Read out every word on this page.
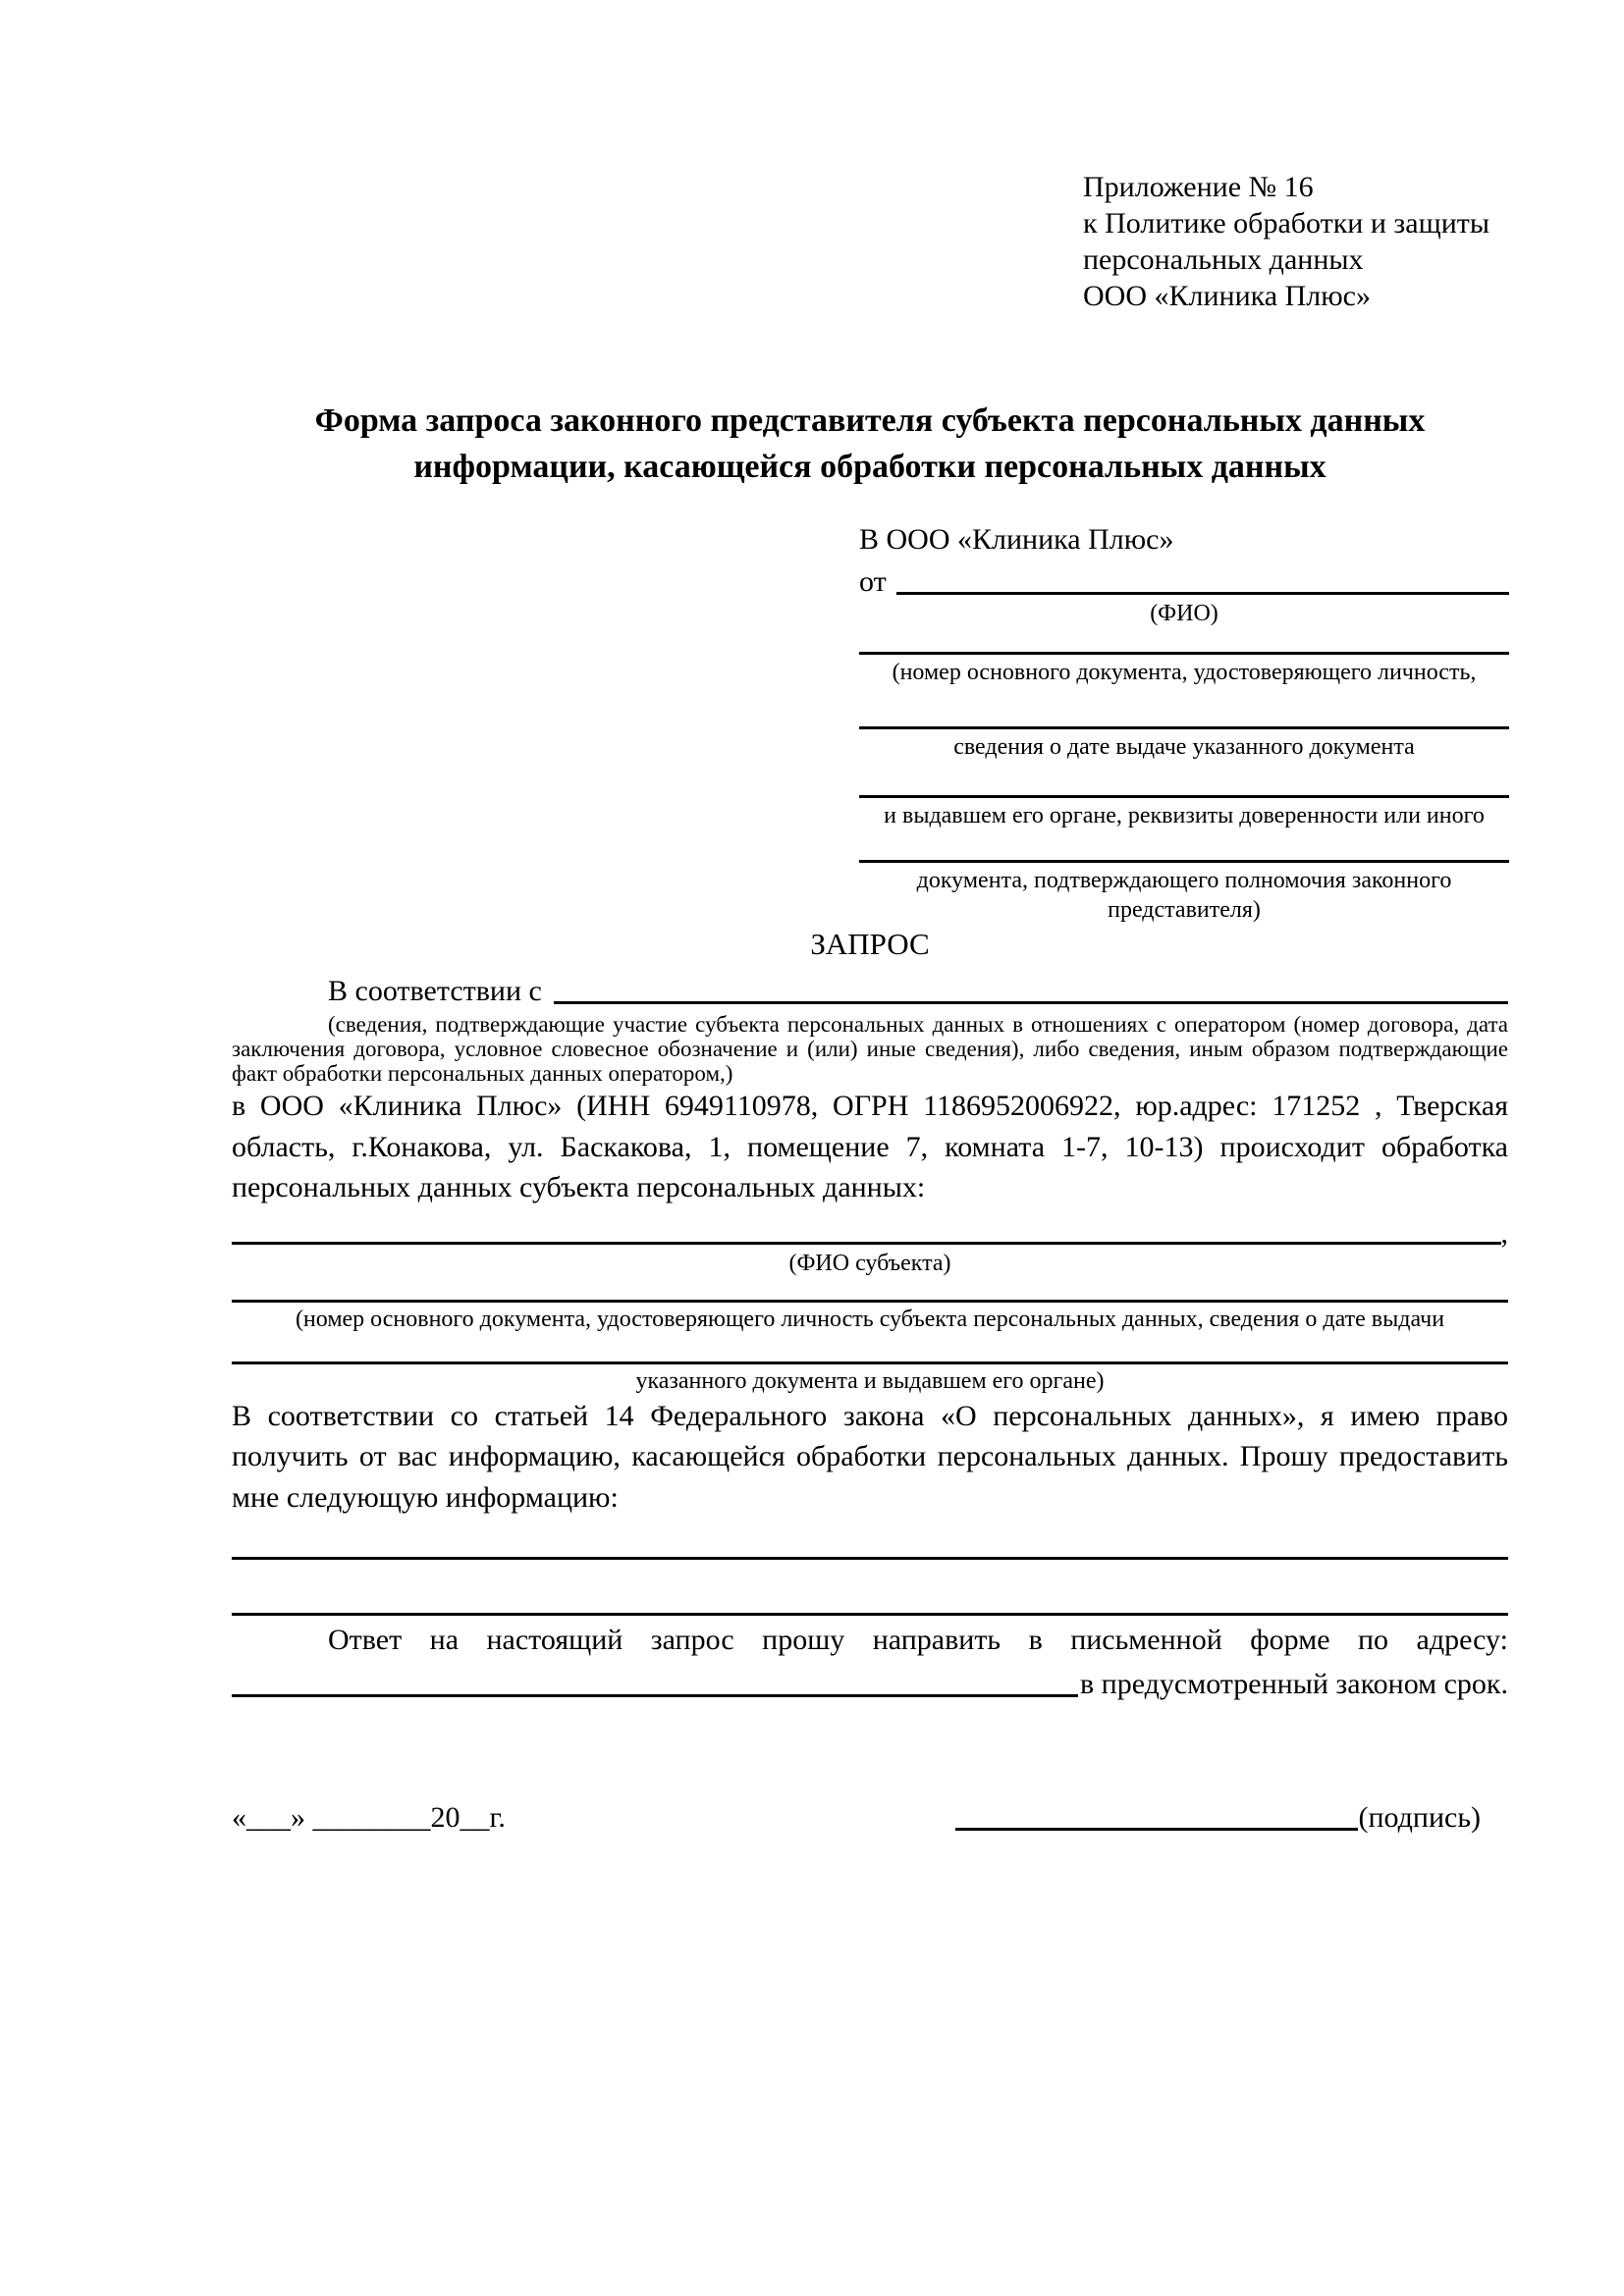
Приложение № 16
к Политике обработки и защиты
персональных данных
ООО «Клиника Плюс»
Форма запроса законного представителя субъекта персональных данных
информации, касающейся обработки персональных данных
В ООО «Клиника Плюс»
от
(ФИО)
(номер основного документа, удостоверяющего личность,
сведения о дате выдаче указанного документа
и выдавшем его органе, реквизиты доверенности или иного
документа, подтверждающего полномочия законного представителя)
ЗАПРОС
В соответствии с
(сведения, подтверждающие участие субъекта персональных данных в отношениях с оператором (номер договора, дата заключения договора, условное словесное обозначение и (или) иные сведения), либо сведения, иным образом подтверждающие факт обработки персональных данных оператором,)

в ООО «Клиника Плюс» (ИНН 6949110978, ОГРН 1186952006922, юр.адрес: 171252 , Тверская область, г.Конакова, ул. Баскакова, 1, помещение 7, комната 1-7, 10-13) происходит обработка персональных данных субъекта персональных данных:

,
(ФИО субъекта)
(номер основного документа, удостоверяющего личность субъекта персональных данных, сведения о дате выдачи
указанного документа и выдавшем его органе)

В соответствии со статьей 14 Федерального закона «О персональных данных», я имею право получить от вас информацию, касающейся обработки персональных данных. Прошу предоставить мне следующую информацию:

Ответ на настоящий запрос прошу направить в письменной форме по адресу:

в предусмотренный законом срок.
«___» ________20__г.	(подпись)
